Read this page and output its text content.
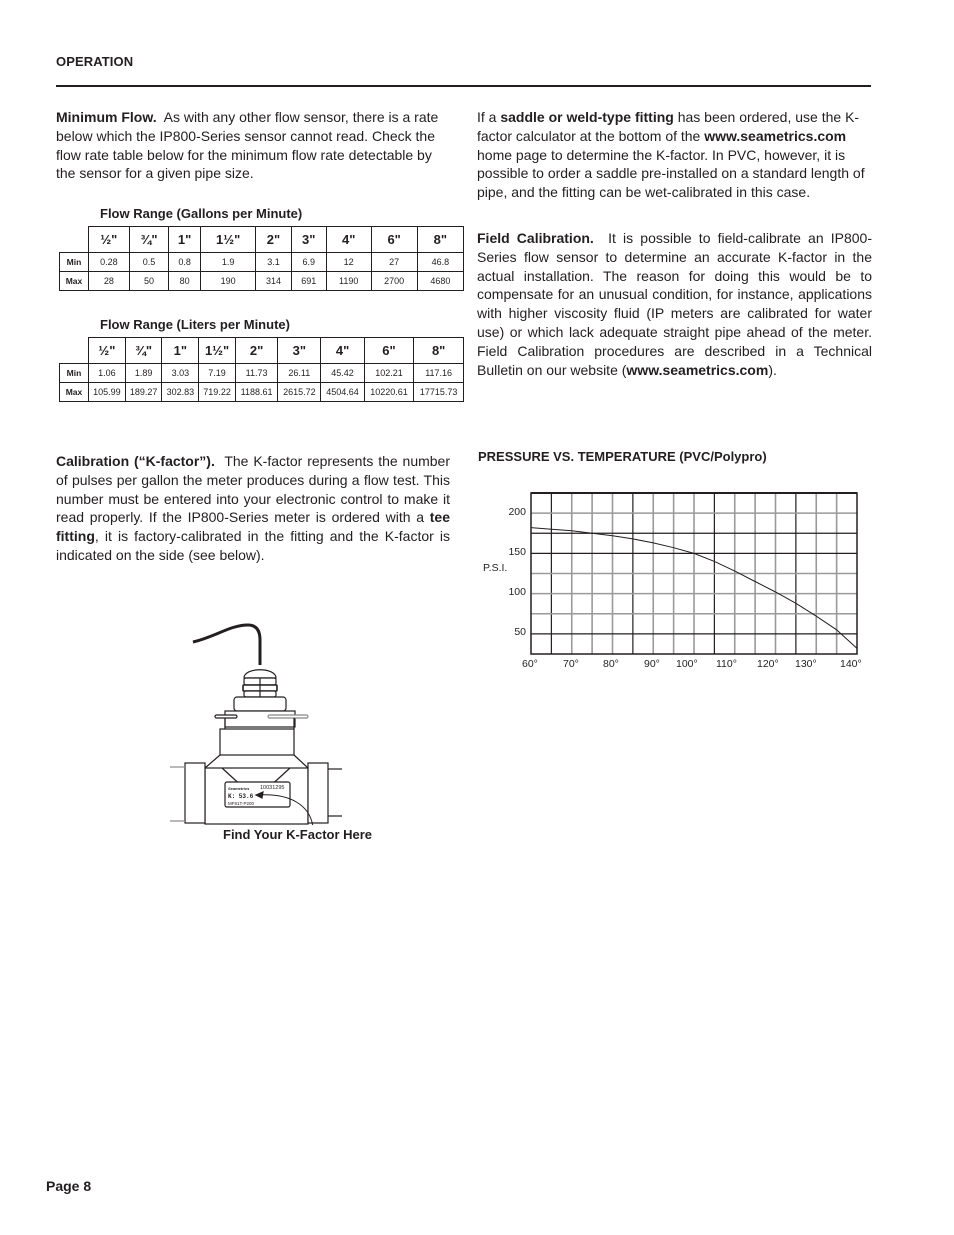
OPERATION
Minimum Flow. As with any other flow sensor, there is a rate below which the IP800-Series sensor cannot read. Check the flow rate table below for the minimum flow rate detectable by the sensor for a given pipe size.
Flow Range (Gallons per Minute)
	½"	¾"	1"	1½"	2"	3"	4"	6"	8"
Min	0.28	0.5	0.8	1.9	3.1	6.9	12	27	46.8
Max	28	50	80	190	314	691	1190	2700	4680
Flow Range (Liters per Minute)
	½"	¾"	1"	1½"	2"	3"	4"	6"	8"
Min	1.06	1.89	3.03	7.19	11.73	26.11	45.42	102.21	117.16
Max	105.99	189.27	302.83	719.22	1188.61	2615.72	4504.64	10220.61	17715.73
If a saddle or weld-type fitting has been ordered, use the K-factor calculator at the bottom of the www.seametrics.com home page to determine the K-factor. In PVC, however, it is possible to order a saddle pre-installed on a standard length of pipe, and the fitting can be wet-calibrated in this case.
Field Calibration. It is possible to field-calibrate an IP800-Series flow sensor to determine an accurate K-factor in the actual installation. The reason for doing this would be to compensate for an unusual condition, for instance, applications with higher viscosity fluid (IP meters are calibrated for water use) or which lack adequate straight pipe ahead of the meter. Field Calibration procedures are described in a Technical Bulletin on our website (www.seametrics.com).
Calibration (“K-factor”). The K-factor represents the number of pulses per gallon the meter produces during a flow test. This number must be entered into your electronic control to make it read properly. If the IP800-Series meter is ordered with a tee fitting, it is factory-calibrated in the fitting and the K-factor is indicated on the side (see below).
Seametrics 10031295
K: 53.6
MF81T-P200
Find Your K-Factor Here
PRESSURE VS. TEMPERATURE (PVC/Polypro)
200
150
100
50
P.S.I.
60° 70° 80° 90° 100° 110° 120° 130° 140°
Page 8
